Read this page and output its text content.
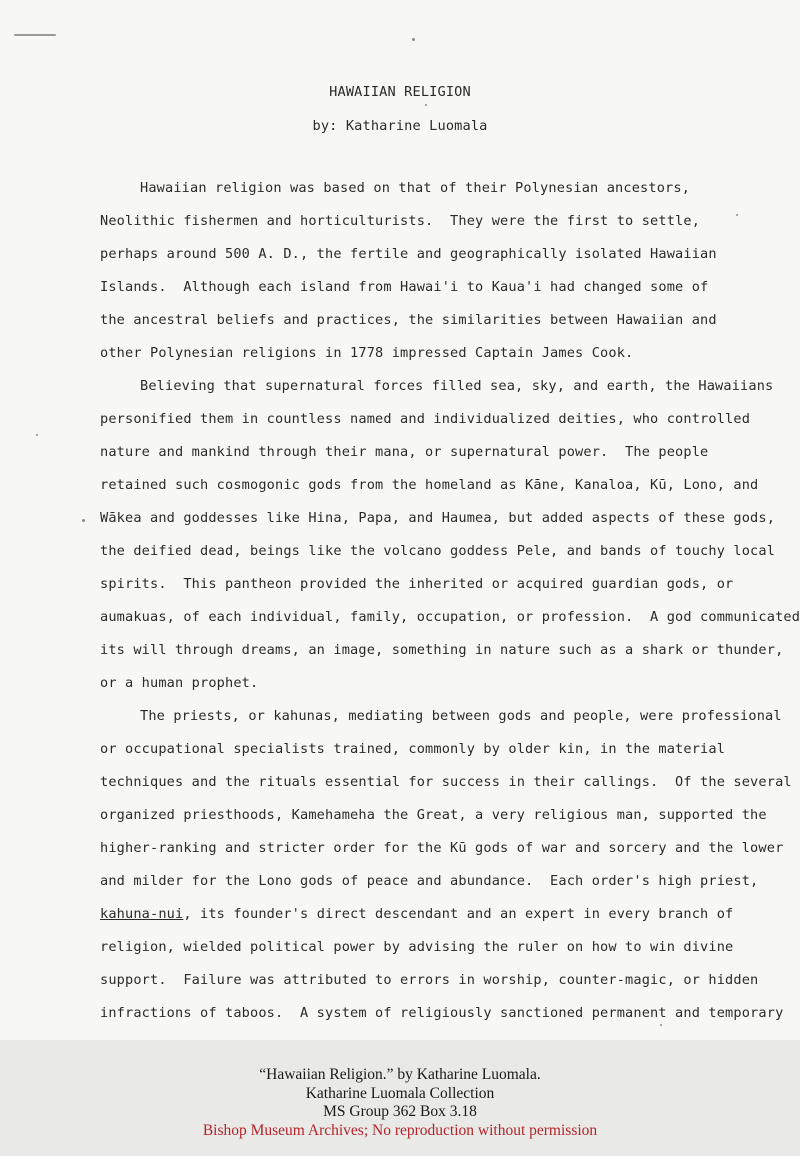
HAWAIIAN RELIGION
by: Katharine Luomala
Hawaiian religion was based on that of their Polynesian ancestors,
Neolithic fishermen and horticulturists.  They were the first to settle,
perhaps around 500 A. D., the fertile and geographically isolated Hawaiian
Islands.  Although each island from Hawai'i to Kaua'i had changed some of
the ancestral beliefs and practices, the similarities between Hawaiian and
other Polynesian religions in 1778 impressed Captain James Cook.
Believing that supernatural forces filled sea, sky, and earth, the Hawaiians
personified them in countless named and individualized deities, who controlled
nature and mankind through their mana, or supernatural power.  The people
retained such cosmogonic gods from the homeland as Kāne, Kanaloa, Kū, Lono, and
Wākea and goddesses like Hina, Papa, and Haumea, but added aspects of these gods,
the deified dead, beings like the volcano goddess Pele, and bands of touchy local
spirits.  This pantheon provided the inherited or acquired guardian gods, or
aumakuas, of each individual, family, occupation, or profession.  A god communicated
its will through dreams, an image, something in nature such as a shark or thunder,
or a human prophet.
The priests, or kahunas, mediating between gods and people, were professional
or occupational specialists trained, commonly by older kin, in the material
techniques and the rituals essential for success in their callings.  Of the several
organized priesthoods, Kamehameha the Great, a very religious man, supported the
higher-ranking and stricter order for the Kū gods of war and sorcery and the lower
and milder for the Lono gods of peace and abundance.  Each order's high priest,
kahuna-nui, its founder's direct descendant and an expert in every branch of
religion, wielded political power by advising the ruler on how to win divine
support.  Failure was attributed to errors in worship, counter-magic, or hidden
infractions of taboos.  A system of religiously sanctioned permanent and temporary
“Hawaiian Religion.” by Katharine Luomala.
Katharine Luomala Collection
MS Group 362 Box 3.18
Bishop Museum Archives; No reproduction without permission
